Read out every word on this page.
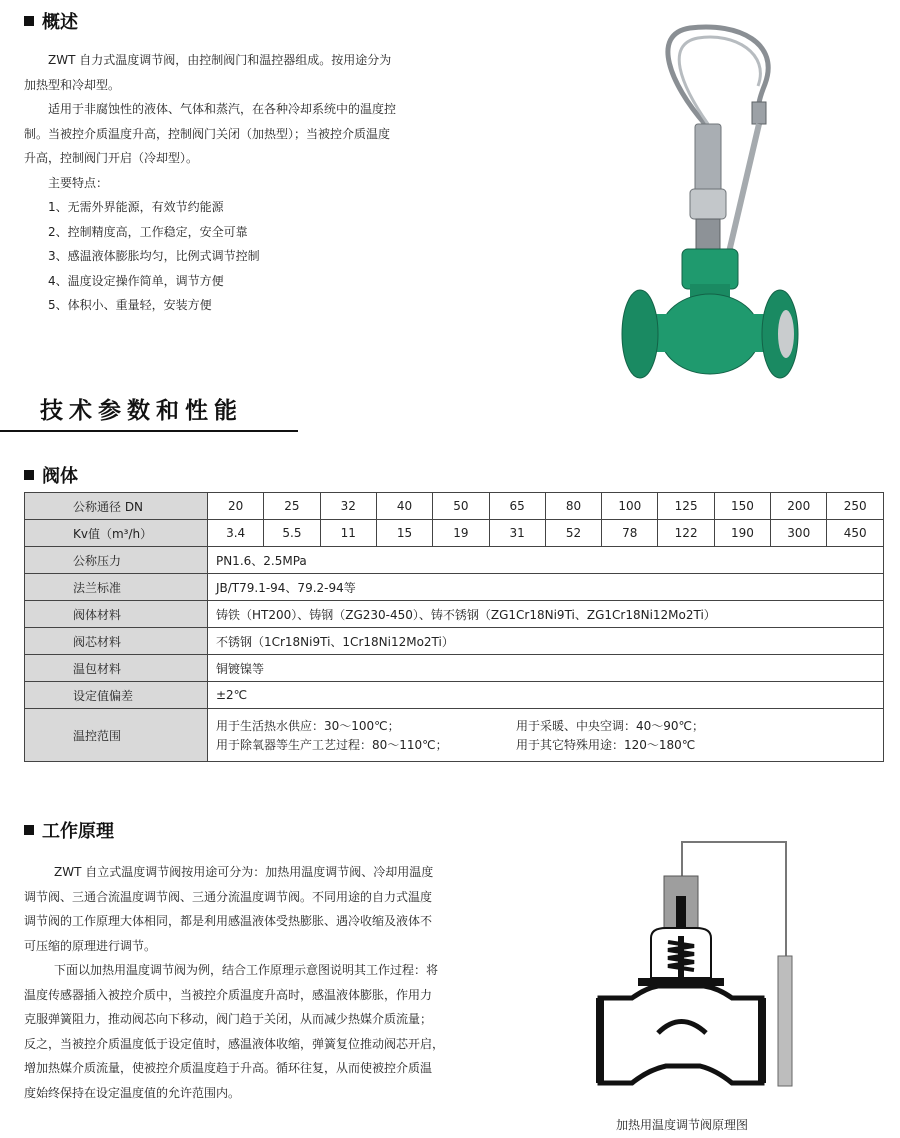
概述

ZWT 自力式温度调节阀，由控制阀门和温控器组成。按用途分为

加热型和冷却型。

适用于非腐蚀性的液体、气体和蒸汽，在各种冷却系统中的温度控

制。当被控介质温度升高，控制阀门关闭（加热型）；当被控介质温度

升高，控制阀门开启（冷却型）。

主要特点：

1、无需外界能源，有效节约能源

2、控制精度高，工作稳定，安全可靠

3、感温液体膨胀均匀，比例式调节控制

4、温度设定操作简单，调节方便

5、体积小、重量轻，安装方便

技术参数和性能
阀体
公称通径 DN	20	25	32	40	50	65	80	100	125	150	200	250
Kv值（m³/h）	3.4	5.5	11	15	19	31	52	78	122	190	300	450
公称压力	PN1.6、2.5MPa											
法兰标准	JB/T79.1-94、79.2-94等											
阀体材料	铸铁（HT200）、铸钢（ZG230-450）、铸不锈钢（ZG1Cr18Ni9Ti、ZG1Cr18Ni12Mo2Ti）											
阀芯材料	不锈钢（1Cr18Ni9Ti、1Cr18Ni12Mo2Ti）											
温包材料	铜镀镍等											
设定值偏差	±2℃											
温控范围	用于生活热水供应：30～100℃； 用于采暖、中央空调：40～90℃；
用于除氧器等生产工艺过程：80～110℃； 用于其它特殊用途：120～180℃											
工作原理

ZWT 自立式温度调节阀按用途可分为：加热用温度调节阀、冷却用温度

调节阀、三通合流温度调节阀、三通分流温度调节阀。不同用途的自力式温度

调节阀的工作原理大体相同，都是利用感温液体受热膨胀、遇冷收缩及液体不

可压缩的原理进行调节。

下面以加热用温度调节阀为例，结合工作原理示意图说明其工作过程：将

温度传感器插入被控介质中，当被控介质温度升高时，感温液体膨胀，作用力

克服弹簧阻力，推动阀芯向下移动，阀门趋于关闭，从而减少热媒介质流量；

反之，当被控介质温度低于设定值时，感温液体收缩，弹簧复位推动阀芯开启，

增加热媒介质流量，使被控介质温度趋于升高。循环往复，从而使被控介质温

度始终保持在设定温度值的允许范围内。

加热用温度调节阀原理图
